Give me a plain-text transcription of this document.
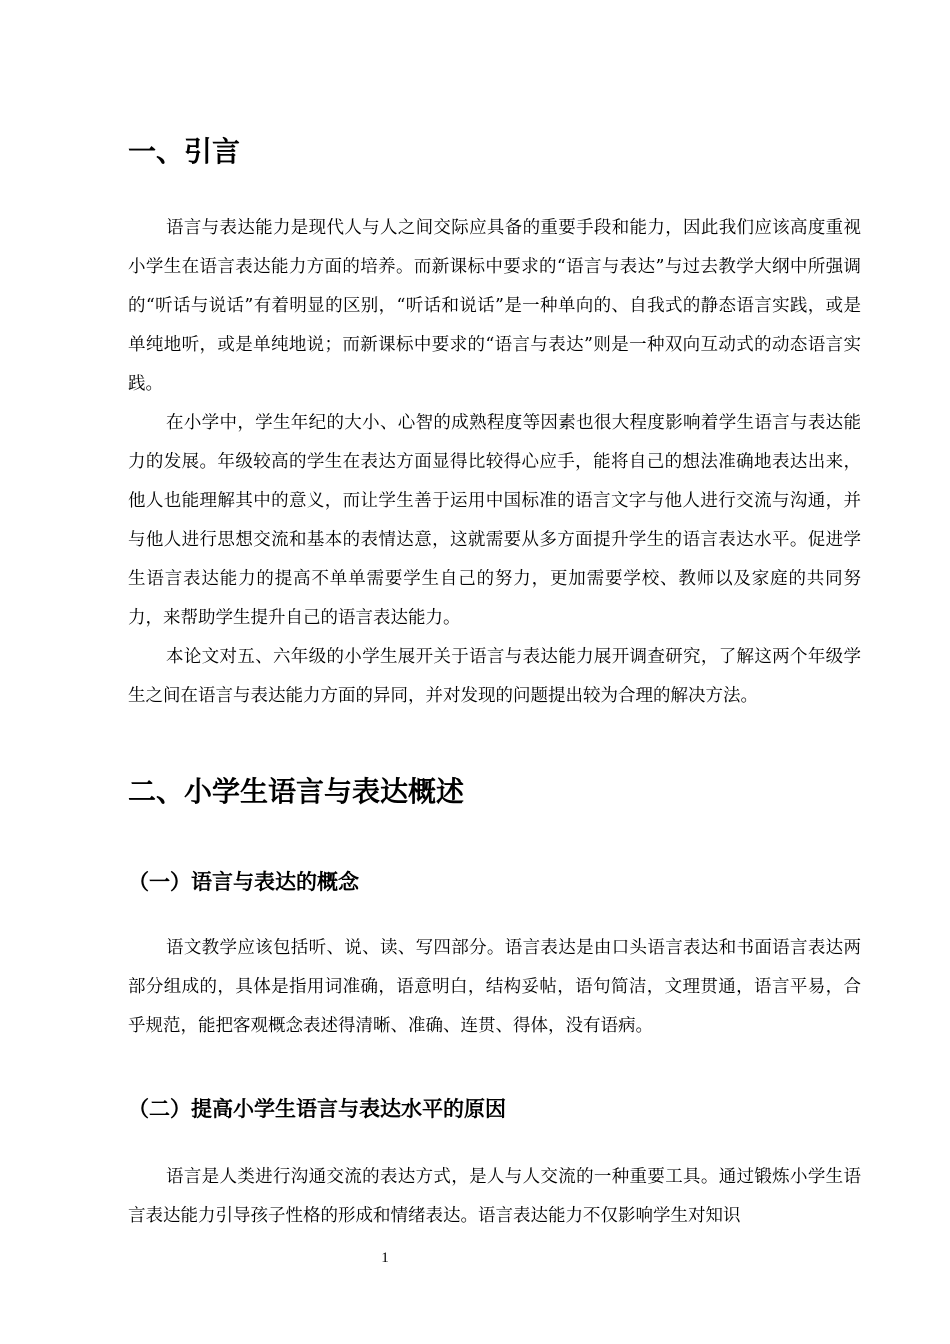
一、引言

语言与表达能力是现代人与人之间交际应具备的重要手段和能力，因此我们应该高度重视小学生在语言表达能力方面的培养。而新课标中要求的“语言与表达”与过去教学大纲中所强调的“听话与说话”有着明显的区别，“听话和说话”是一种单向的、自我式的静态语言实践，或是单纯地听，或是单纯地说；而新课标中要求的“语言与表达”则是一种双向互动式的动态语言实践。

在小学中，学生年纪的大小、心智的成熟程度等因素也很大程度影响着学生语言与表达能力的发展。年级较高的学生在表达方面显得比较得心应手，能将自己的想法准确地表达出来，他人也能理解其中的意义，而让学生善于运用中国标准的语言文字与他人进行交流与沟通，并与他人进行思想交流和基本的表情达意，这就需要从多方面提升学生的语言表达水平。促进学生语言表达能力的提高不单单需要学生自己的努力，更加需要学校、教师以及家庭的共同努力，来帮助学生提升自己的语言表达能力。

本论文对五、六年级的小学生展开关于语言与表达能力展开调查研究，了解这两个年级学生之间在语言与表达能力方面的异同，并对发现的问题提出较为合理的解决方法。

二、小学生语言与表达概述
（一）语言与表达的概念

语文教学应该包括听、说、读、写四部分。语言表达是由口头语言表达和书面语言表达两部分组成的，具体是指用词准确，语意明白，结构妥帖，语句简洁，文理贯通，语言平易，合乎规范，能把客观概念表述得清晰、准确、连贯、得体，没有语病。

（二）提高小学生语言与表达水平的原因

语言是人类进行沟通交流的表达方式，是人与人交流的一种重要工具。通过锻炼小学生语言表达能力引导孩子性格的形成和情绪表达。语言表达能力不仅影响学生对知识

1
